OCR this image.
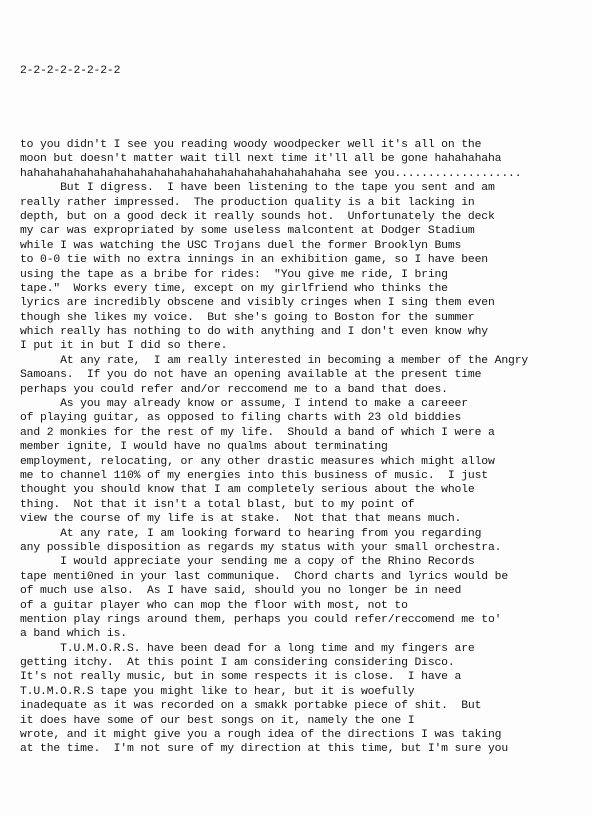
2-2-2-2-2-2-2-2
to you didn't I see you reading woody woodpecker well it's all on the
moon but doesn't matter wait till next time it'll all be gone hahahahaha
hahahahahahahahahahahahahahahahahahahahahahahaha see you...................
But I digress.  I have been listening to the tape you sent and am
really rather impressed.  The production quality is a bit lacking in
depth, but on a good deck it really sounds hot.  Unfortunately the deck
my car was expropriated by some useless malcontent at Dodger Stadium
while I was watching the USC Trojans duel the former Brooklyn Bums
to 0-0 tie with no extra innings in an exhibition game, so I have been
using the tape as a bribe for rides:  "You give me ride, I bring
tape."  Works every time, except on my girlfriend who thinks the
lyrics are incredibly obscene and visibly cringes when I sing them even
though she likes my voice.  But she's going to Boston for the summer
which really has nothing to do with anything and I don't even know why
I put it in but I did so there.
At any rate,  I am really interested in becoming a member of the Angry
Samoans.  If you do not have an opening available at the present time
perhaps you could refer and/or reccomend me to a band that does.
As you may already know or assume, I intend to make a careeer
of playing guitar, as opposed to filing charts with 23 old biddies
and 2 monkies for the rest of my life.  Should a band of which I were a
member ignite, I would have no qualms about terminating
employment, relocating, or any other drastic measures which might allow
me to channel 110% of my energies into this business of music.  I just
thought you should know that I am completely serious about the whole
thing.  Not that it isn't a total blast, but to my point of
view the course of my life is at stake.  Not that that means much.
At any rate, I am looking forward to hearing from you regarding
any possible disposition as regards my status with your small orchestra.
I would appreciate your sending me a copy of the Rhino Records
tape menti0ned in your last communique.  Chord charts and lyrics would be
of much use also.  As I have said, should you no longer be in need
of a guitar player who can mop the floor with most, not to
mention play rings around them, perhaps you could refer/reccomend me to'
a band which is.
T.U.M.O.R.S. have been dead for a long time and my fingers are
getting itchy.  At this point I am considering considering Disco.
It's not really music, but in some respects it is close.  I have a
T.U.M.O.R.S tape you might like to hear, but it is woefully
inadequate as it was recorded on a smakk portabke piece of shit.  But
it does have some of our best songs on it, namely the one I
wrote, and it might give you a rough idea of the directions I was taking
at the time.  I'm not sure of my direction at this time, but I'm sure you
